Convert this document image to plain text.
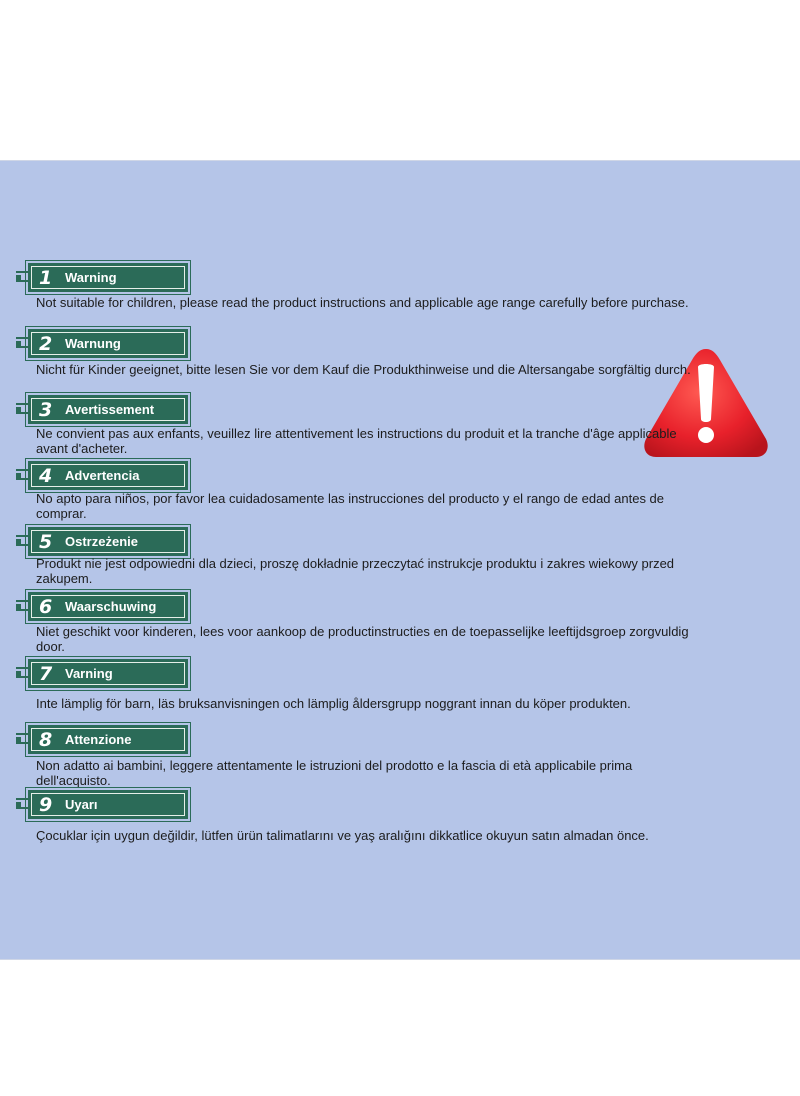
1 Warning
Not suitable for children, please read the product instructions and applicable age range carefully before purchase.
2 Warnung
Nicht für Kinder geeignet, bitte lesen Sie vor dem Kauf die Produkthinweise und die Altersangabe sorgfältig durch.
3 Avertissement
Ne convient pas aux enfants, veuillez lire attentivement les instructions du produit et la tranche d'âge applicable avant d'acheter.
4 Advertencia
No apto para niños, por favor lea cuidadosamente las instrucciones del producto y el rango de edad antes de comprar.
5 Ostrzeżenie
Produkt nie jest odpowiedni dla dzieci, proszę dokładnie przeczytać instrukcje produktu i zakres wiekowy przed zakupem.
6 Waarschuwing
Niet geschikt voor kinderen, lees voor aankoop de productinstructies en de toepasselijke leeftijdsgroep zorgvuldig door.
7 Varning
Inte lämplig för barn, läs bruksanvisningen och lämplig åldersgrupp noggrant innan du köper produkten.
8 Attenzione
Non adatto ai bambini, leggere attentamente le istruzioni del prodotto e la fascia di età applicabile prima dell'acquisto.
9 Uyarı
Çocuklar için uygun değildir, lütfen ürün talimatlarını ve yaş aralığını dikkatlice okuyun satın almadan önce.
